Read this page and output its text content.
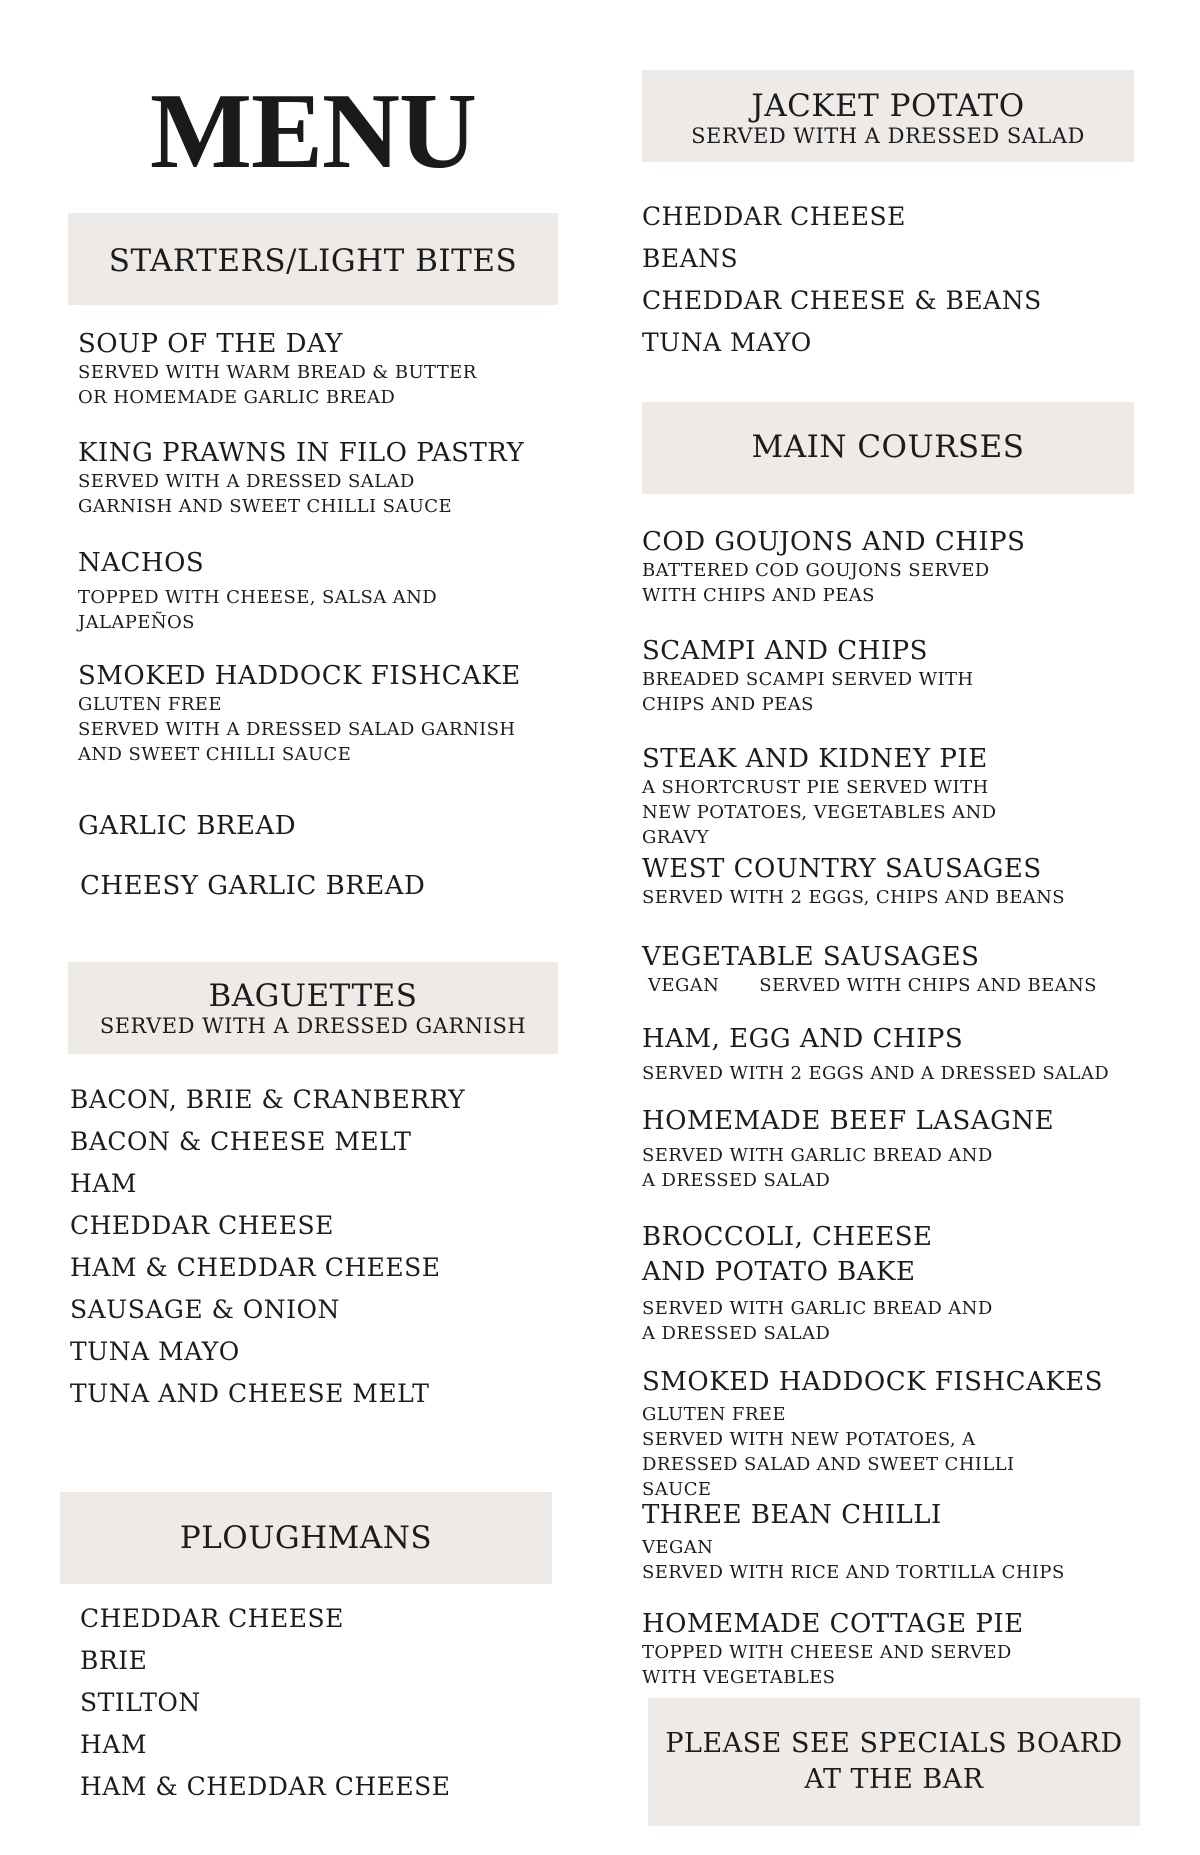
MENU
STARTERS/LIGHT BITES
SOUP OF THE DAY
SERVED WITH WARM BREAD & BUTTER OR HOMEMADE GARLIC BREAD
KING PRAWNS IN FILO PASTRY
SERVED WITH A DRESSED SALAD GARNISH AND SWEET CHILLI SAUCE
NACHOS
TOPPED WITH CHEESE, SALSA AND JALAPEÑOS
SMOKED HADDOCK FISHCAKE
GLUTEN FREE
SERVED WITH A DRESSED SALAD GARNISH AND SWEET CHILLI SAUCE
GARLIC BREAD
CHEESY GARLIC BREAD
BAGUETTES
SERVED WITH A DRESSED GARNISH
BACON, BRIE & CRANBERRY
BACON & CHEESE MELT
HAM
CHEDDAR CHEESE
HAM & CHEDDAR CHEESE
SAUSAGE & ONION
TUNA MAYO
TUNA AND CHEESE MELT
PLOUGHMANS
CHEDDAR CHEESE
BRIE
STILTON
HAM
HAM & CHEDDAR CHEESE
JACKET POTATO
SERVED WITH A DRESSED SALAD
CHEDDAR CHEESE
BEANS
CHEDDAR CHEESE & BEANS
TUNA MAYO
MAIN COURSES
COD GOUJONS AND CHIPS
BATTERED COD GOUJONS SERVED WITH CHIPS AND PEAS
SCAMPI AND CHIPS
BREADED SCAMPI SERVED WITH CHIPS AND PEAS
STEAK AND KIDNEY PIE
A SHORTCRUST PIE SERVED WITH NEW POTATOES, VEGETABLES AND GRAVY
WEST COUNTRY SAUSAGES
SERVED WITH 2 EGGS, CHIPS AND BEANS
VEGETABLE SAUSAGES
VEGAN SERVED WITH CHIPS AND BEANS
HAM, EGG AND CHIPS
SERVED WITH 2 EGGS AND A DRESSED SALAD
HOMEMADE BEEF LASAGNE
SERVED WITH GARLIC BREAD AND A DRESSED SALAD
BROCCOLI, CHEESE AND POTATO BAKE
SERVED WITH GARLIC BREAD AND A DRESSED SALAD
SMOKED HADDOCK FISHCAKES
GLUTEN FREE
SERVED WITH NEW POTATOES, A DRESSED SALAD AND SWEET CHILLI SAUCE
THREE BEAN CHILLI
VEGAN
SERVED WITH RICE AND TORTILLA CHIPS
HOMEMADE COTTAGE PIE
TOPPED WITH CHEESE AND SERVED WITH VEGETABLES
PLEASE SEE SPECIALS BOARD AT THE BAR
